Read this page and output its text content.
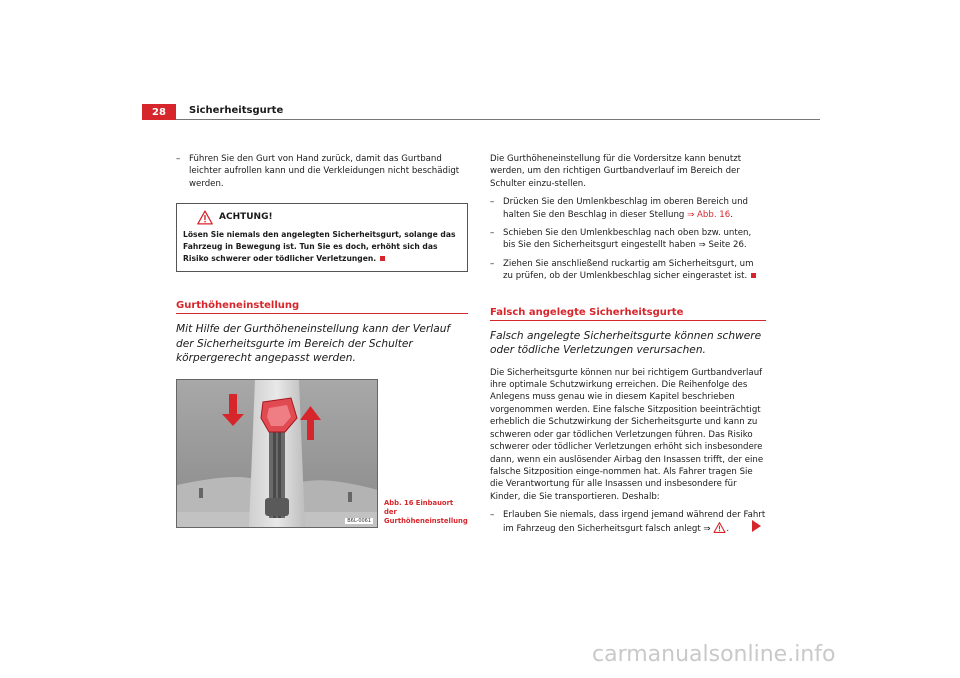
28	Sicherheitsgurte
–	Führen Sie den Gurt von Hand zurück, damit das Gurtband leichter aufrollen kann und die Verkleidungen nicht beschädigt werden.
ACHTUNG!

Lösen Sie niemals den angelegten Sicherheitsgurt, solange das Fahrzeug in Bewegung ist. Tun Sie es doch, erhöht sich das Risiko schwerer oder tödlicher Verletzungen.

Gurthöheneinstellung

Mit Hilfe der Gurthöheneinstellung kann der Verlauf der Sicherheitsgurte im Bereich der Schulter körpergerecht angepasst werden.

B6L-0061
Abb. 16 Einbauort der
Gurthöheneinstellung

Die Gurthöheneinstellung für die Vordersitze kann benutzt werden, um den richtigen Gurtbandverlauf im Bereich der Schulter einzu-stellen.

–	Drücken Sie den Umlenkbeschlag im oberen Bereich und halten Sie den Beschlag in dieser Stellung ⇒ Abb. 16.
–	Schieben Sie den Umlenkbeschlag nach oben bzw. unten, bis Sie den Sicherheitsgurt eingestellt haben ⇒ Seite 26.
–	Ziehen Sie anschließend ruckartig am Sicherheitsgurt, um zu prüfen, ob der Umlenkbeschlag sicher eingerastet ist.
Falsch angelegte Sicherheitsgurte

Falsch angelegte Sicherheitsgurte können schwere oder tödliche Verletzungen verursachen.

Die Sicherheitsgurte können nur bei richtigem Gurtbandverlauf ihre optimale Schutzwirkung erreichen. Die Reihenfolge des Anlegens muss genau wie in diesem Kapitel beschrieben vorgenommen werden. Eine falsche Sitzposition beeinträchtigt erheblich die Schutzwirkung der Sicherheitsgurte und kann zu schweren oder gar tödlichen Verletzungen führen. Das Risiko schwerer oder tödlicher Verletzungen erhöht sich insbesondere dann, wenn ein auslösender Airbag den Insassen trifft, der eine falsche Sitzposition einge-nommen hat. Als Fahrer tragen Sie die Verantwortung für alle Insassen und insbesondere für Kinder, die Sie transportieren. Deshalb:

–	Erlauben Sie niemals, dass irgend jemand während der Fahrt im Fahrzeug den Sicherheitsgurt falsch anlegt ⇒ .
carmanualsonline.info
